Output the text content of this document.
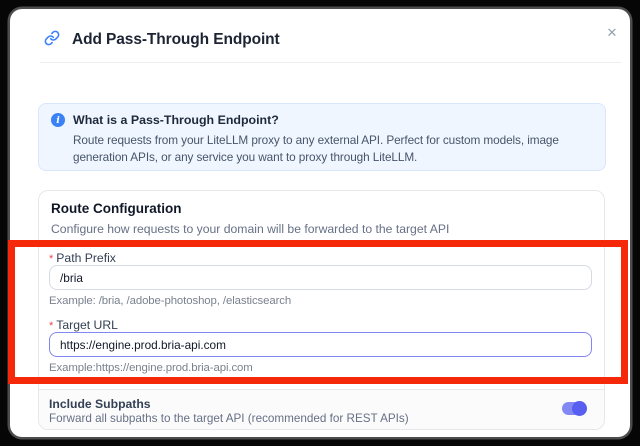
Add Pass-Through Endpoint	✕
i	What is a Pass-Through Endpoint?
Route requests from your LiteLLM proxy to any external API. Perfect for custom models, image generation APIs, or any service you want to proxy through LiteLLM.
Route Configuration
Configure how requests to your domain will be forwarded to the target API
* Path Prefix
/bria
Example: /bria, /adobe-photoshop, /elasticsearch
* Target URL
https://engine.prod.bria-api.com
Example:https://engine.prod.bria-api.com
Include Subpaths
Forward all subpaths to the target API (recommended for REST APIs)
